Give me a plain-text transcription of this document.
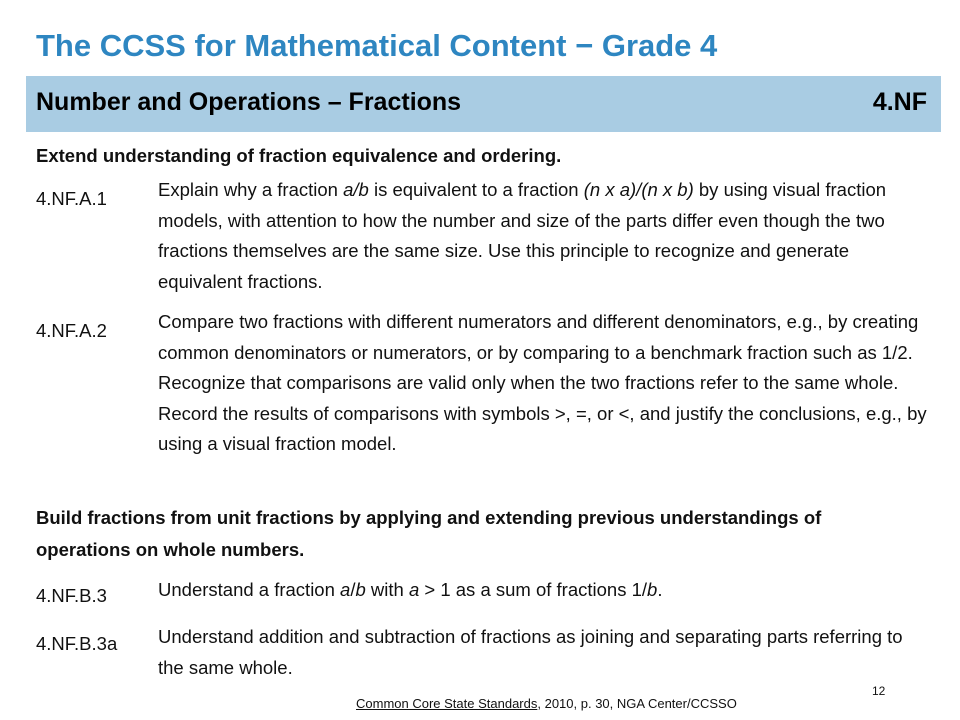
The CCSS for Mathematical Content − Grade 4
Number and Operations – Fractions	4.NF
Extend understanding of fraction equivalence and ordering.
4.NF.A.1	Explain why a fraction a/b is equivalent to a fraction (n x a)/(n x b) by using visual fraction models, with attention to how the number and size of the parts differ even though the two fractions themselves are the same size. Use this principle to recognize and generate equivalent fractions.
4.NF.A.2	Compare two fractions with different numerators and different denominators, e.g., by creating common denominators or numerators, or by comparing to a benchmark fraction such as 1/2. Recognize that comparisons are valid only when the two fractions refer to the same whole. Record the results of comparisons with symbols >, =, or <, and justify the conclusions, e.g., by using a visual fraction model.
Build fractions from unit fractions by applying and extending previous understandings of operations on whole numbers.
4.NF.B.3	Understand a fraction a/b with a > 1 as a sum of fractions 1/b.
4.NF.B.3a Understand addition and subtraction of fractions as joining and separating parts referring to the same whole.
Common Core State Standards, 2010, p. 30, NGA Center/CCSSO
12
